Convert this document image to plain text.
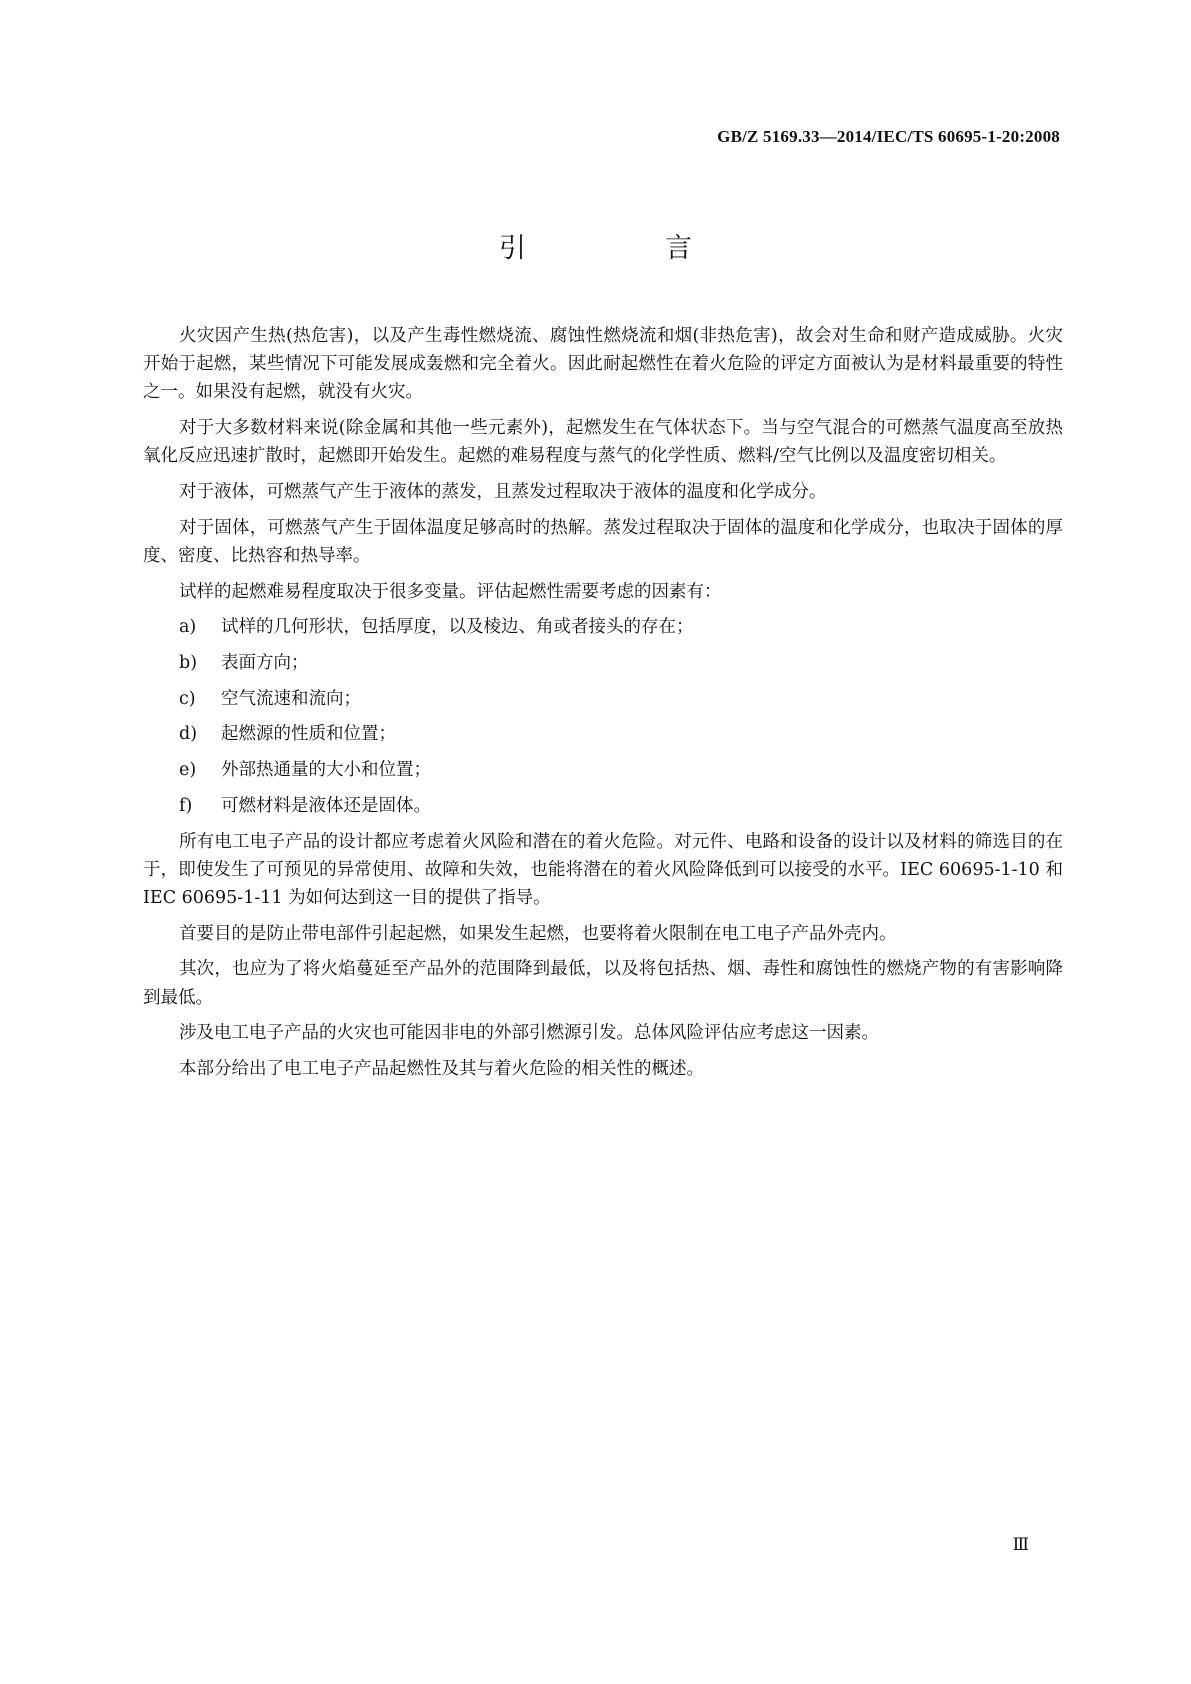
GB/Z 5169.33—2014/IEC/TS 60695-1-20:2008
引　言

火灾因产生热(热危害)，以及产生毒性燃烧流、腐蚀性燃烧流和烟(非热危害)，故会对生命和财产造成威胁。火灾开始于起燃，某些情况下可能发展成轰燃和完全着火。因此耐起燃性在着火危险的评定方面被认为是材料最重要的特性之一。如果没有起燃，就没有火灾。

对于大多数材料来说(除金属和其他一些元素外)，起燃发生在气体状态下。当与空气混合的可燃蒸气温度高至放热氧化反应迅速扩散时，起燃即开始发生。起燃的难易程度与蒸气的化学性质、燃料/空气比例以及温度密切相关。

对于液体，可燃蒸气产生于液体的蒸发，且蒸发过程取决于液体的温度和化学成分。

对于固体，可燃蒸气产生于固体温度足够高时的热解。蒸发过程取决于固体的温度和化学成分，也取决于固体的厚度、密度、比热容和热导率。

试样的起燃难易程度取决于很多变量。评估起燃性需要考虑的因素有：

a) 试样的几何形状，包括厚度，以及棱边、角或者接头的存在；
b) 表面方向；
c) 空气流速和流向；
d) 起燃源的性质和位置；
e) 外部热通量的大小和位置；
f) 可燃材料是液体还是固体。

所有电工电子产品的设计都应考虑着火风险和潜在的着火危险。对元件、电路和设备的设计以及材料的筛选目的在于，即使发生了可预见的异常使用、故障和失效，也能将潜在的着火风险降低到可以接受的水平。IEC 60695-1-10 和 IEC 60695-1-11 为如何达到这一目的提供了指导。

首要目的是防止带电部件引起起燃，如果发生起燃，也要将着火限制在电工电子产品外壳内。

其次，也应为了将火焰蔓延至产品外的范围降到最低，以及将包括热、烟、毒性和腐蚀性的燃烧产物的有害影响降到最低。

涉及电工电子产品的火灾也可能因非电的外部引燃源引发。总体风险评估应考虑这一因素。

本部分给出了电工电子产品起燃性及其与着火危险的相关性的概述。

Ⅲ
